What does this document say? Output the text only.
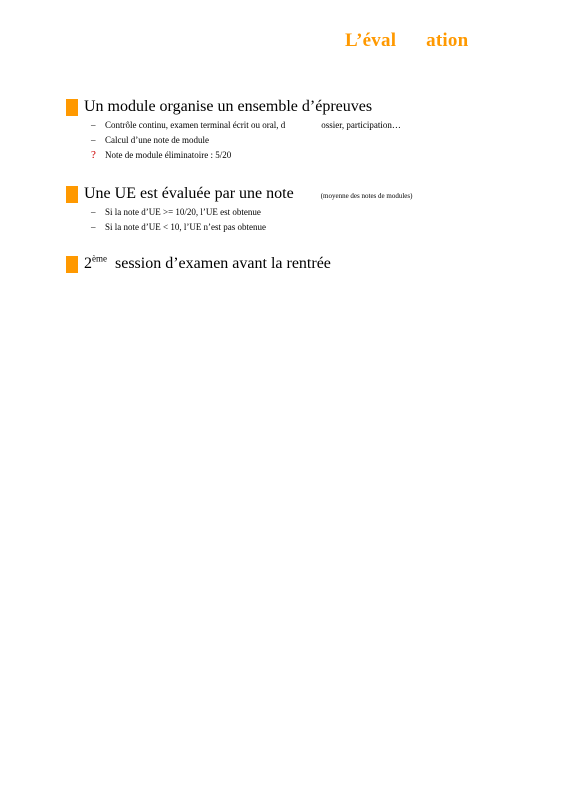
L’éval ation
Un module organise un ensemble d’épreuves
–	Contrôle continu, examen terminal écrit ou oral, d	ossier, participation…
–	Calcul d’une note de module
?	Note de module éliminatoire : 5/20
Une UE est évaluée par une note	(moyenne des notes de modules)
–	Si la note d’UE >= 10/20, l’UE est obtenue
–	Si la note d’UE < 10, l’UE n’est pas obtenue
2ème session d’examen avant la rentrée
